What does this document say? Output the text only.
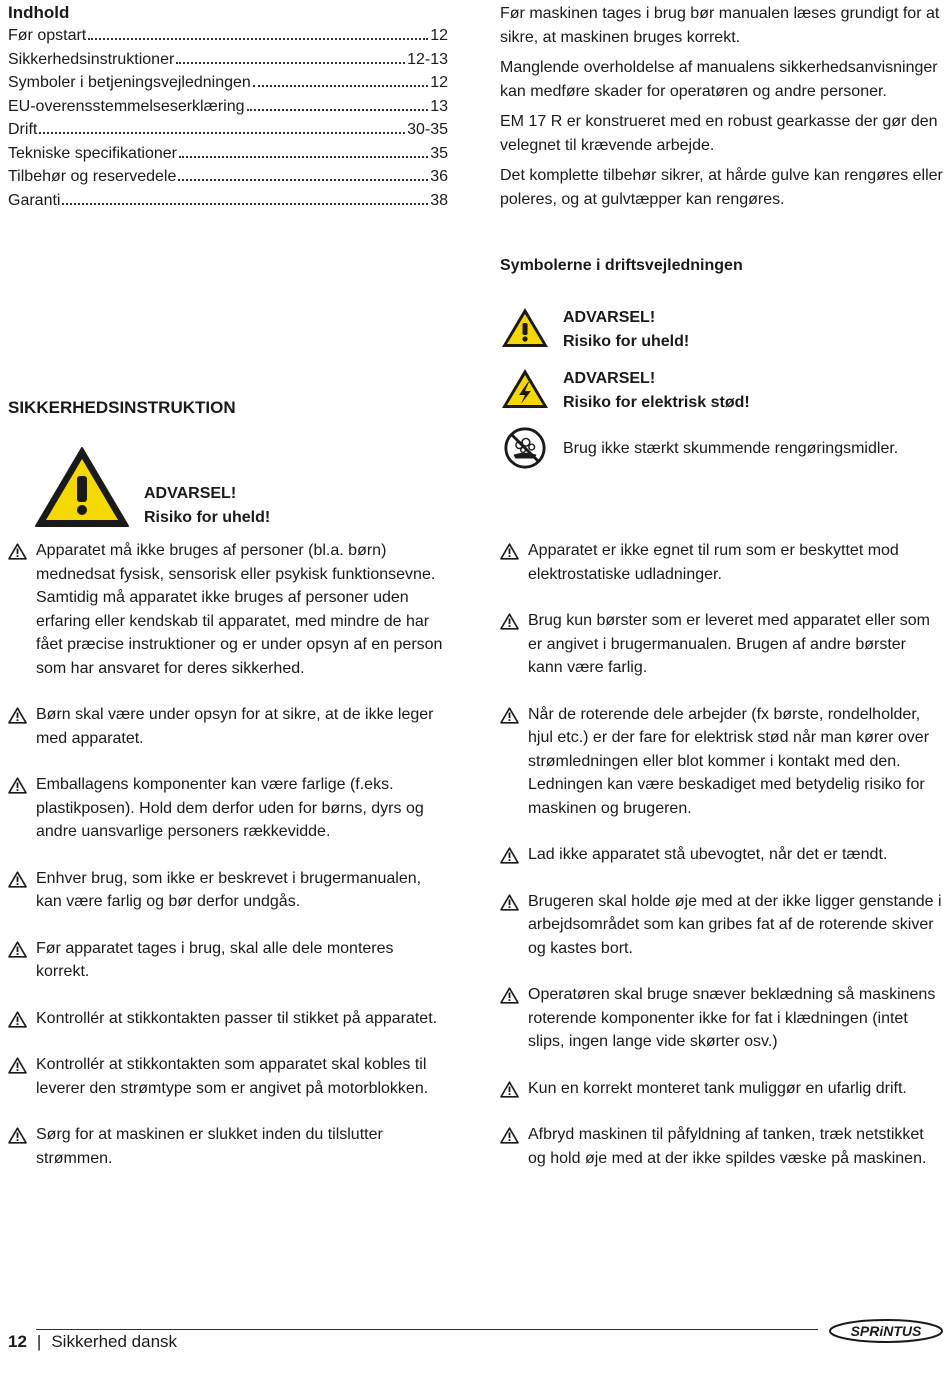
Indhold
Før opstart	12
Sikkerhedsinstruktioner	12-13
Symboler i betjeningsvejledningen	12
EU-overensstemmelseserklæring	13
Drift	30-35
Tekniske specifikationer	35
Tilbehør og reservedele	36
Garanti	38

Før maskinen tages i brug bør manualen læses grundigt for at sikre, at maskinen bruges korrekt.

Manglende overholdelse af manualens sikkerhedsanvisninger kan medføre skader for operatøren og andre personer.

EM 17 R er konstrueret med en robust gearkasse der gør den velegnet til krævende arbejde.

Det komplette tilbehør sikrer, at hårde gulve kan rengøres eller poleres, og at gulvtæpper kan rengøres.

Symbolerne i driftsvejledningen
ADVARSEL!
Risiko for uheld!
ADVARSEL!
Risiko for elektrisk stød!
Brug ikke stærkt skummende rengøringsmidler.
SIKKERHEDSINSTRUKTION
ADVARSEL!
Risiko for uheld!
Apparatet må ikke bruges af personer (bl.a. børn) mednedsat fysisk, sensorisk eller psykisk funktionsevne. Samtidig må apparatet ikke bruges af personer uden erfaring eller kendskab til apparatet, med mindre de har fået præcise instruktioner og er under opsyn af en person som har ansvaret for deres sikkerhed.
Børn skal være under opsyn for at sikre, at de ikke leger med apparatet.
Emballagens komponenter kan være farlige (f.eks. plastikposen). Hold dem derfor uden for børns, dyrs og andre uansvarlige personers rækkevidde.
Enhver brug, som ikke er beskrevet i brugermanualen, kan være farlig og bør derfor undgås.
Før apparatet tages i brug, skal alle dele monteres korrekt.
Kontrollér at stikkontakten passer til stikket på apparatet.
Kontrollér at stikkontakten som apparatet skal kobles til leverer den strømtype som er angivet på motorblokken.
Sørg for at maskinen er slukket inden du tilslutter strømmen.
Apparatet er ikke egnet til rum som er beskyttet mod elektrostatiske udladninger.
Brug kun børster som er leveret med apparatet eller som er angivet i brugermanualen. Brugen af andre børster kann være farlig.
Når de roterende dele arbejder (fx børste, rondelholder, hjul etc.) er der fare for elektrisk stød når man kører over strømledningen eller blot kommer i kontakt med den. Ledningen kan være beskadiget med betydelig risiko for maskinen og brugeren.
Lad ikke apparatet stå ubevogtet, når det er tændt.
Brugeren skal holde øje med at der ikke ligger genstande i arbejdsområdet som kan gribes fat af de roterende skiver og kastes bort.
Operatøren skal bruge snæver beklædning så maskinens roterende komponenter ikke for fat i klædningen (intet slips, ingen lange vide skørter osv.)
Kun en korrekt monteret tank muliggør en ufarlig drift.
Afbryd maskinen til påfyldning af tanken, træk netstikket og hold øje med at der ikke spildes væske på maskinen.
12 | Sikkerhed dansk
SPRiNTUS
